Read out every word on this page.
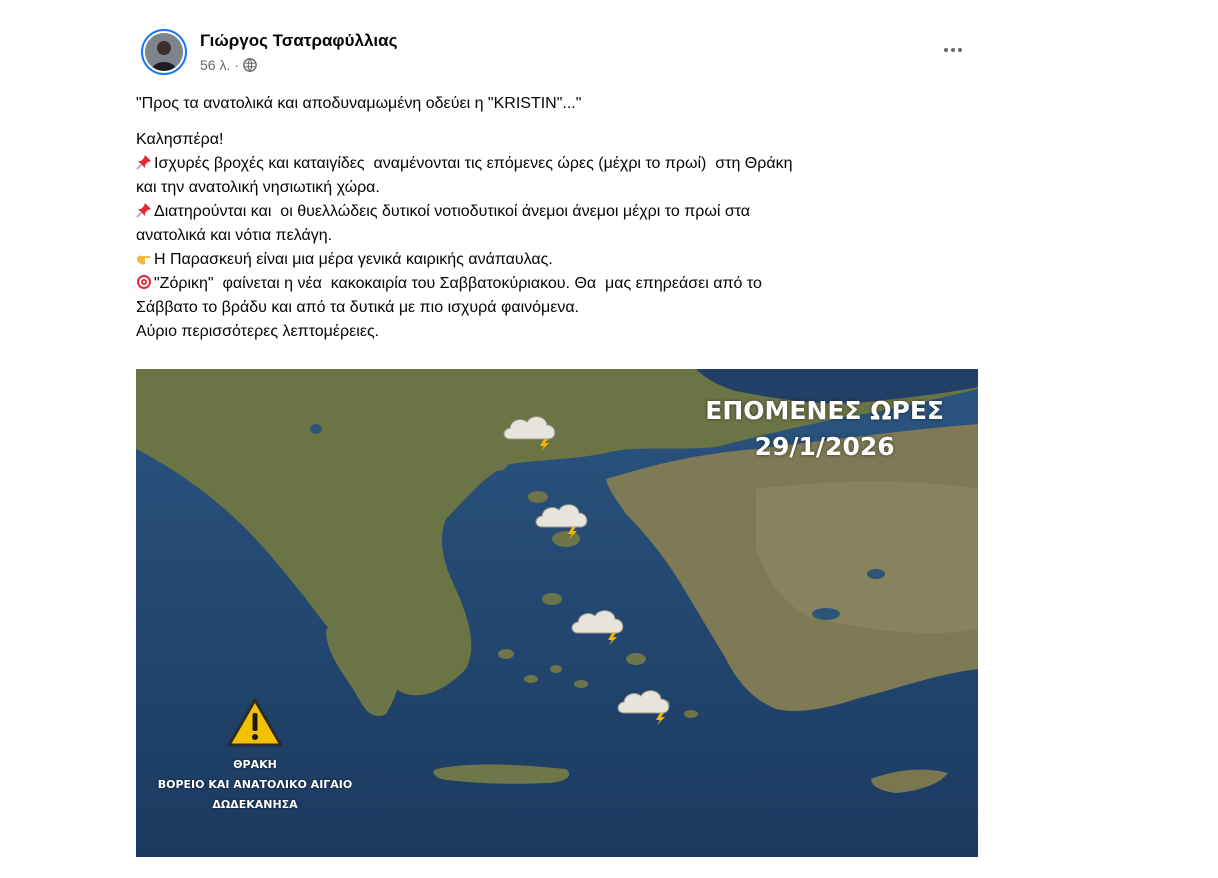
Γιώργος Τσατραφύλλιας
56 λ. ·
"Προς τα ανατολικά και αποδυναμωμένη οδεύει η "KRISTIN"..."
Καλησπέρα!
Ισχυρές βροχές και καταιγίδες  αναμένονται τις επόμενες ώρες (μέχρι το πρωί)  στη Θράκη
και την ανατολική νησιωτική χώρα.
Διατηρούνται και  οι θυελλώδεις δυτικοί νοτιοδυτικοί άνεμοι άνεμοι μέχρι το πρωί στα
ανατολικά και νότια πελάγη.
Η Παρασκευή είναι μια μέρα γενικά καιρικής ανάπαυλας.
"Ζόρικη"  φαίνεται η νέα  κακοκαιρία του Σαββατοκύριακου. Θα  μας επηρεάσει από το
Σάββατο το βράδυ και από τα δυτικά με πιο ισχυρά φαινόμενα.
Αύριο περισσότερες λεπτομέρειες.
ΕΠΟΜΕΝΕΣ ΩΡΕΣ
29/1/2026
ΘΡΑΚΗ
ΒΟΡΕΙΟ ΚΑΙ ΑΝΑΤΟΛΙΚΟ ΑΙΓΑΙΟ
ΔΩΔΕΚΑΝΗΣΑ
